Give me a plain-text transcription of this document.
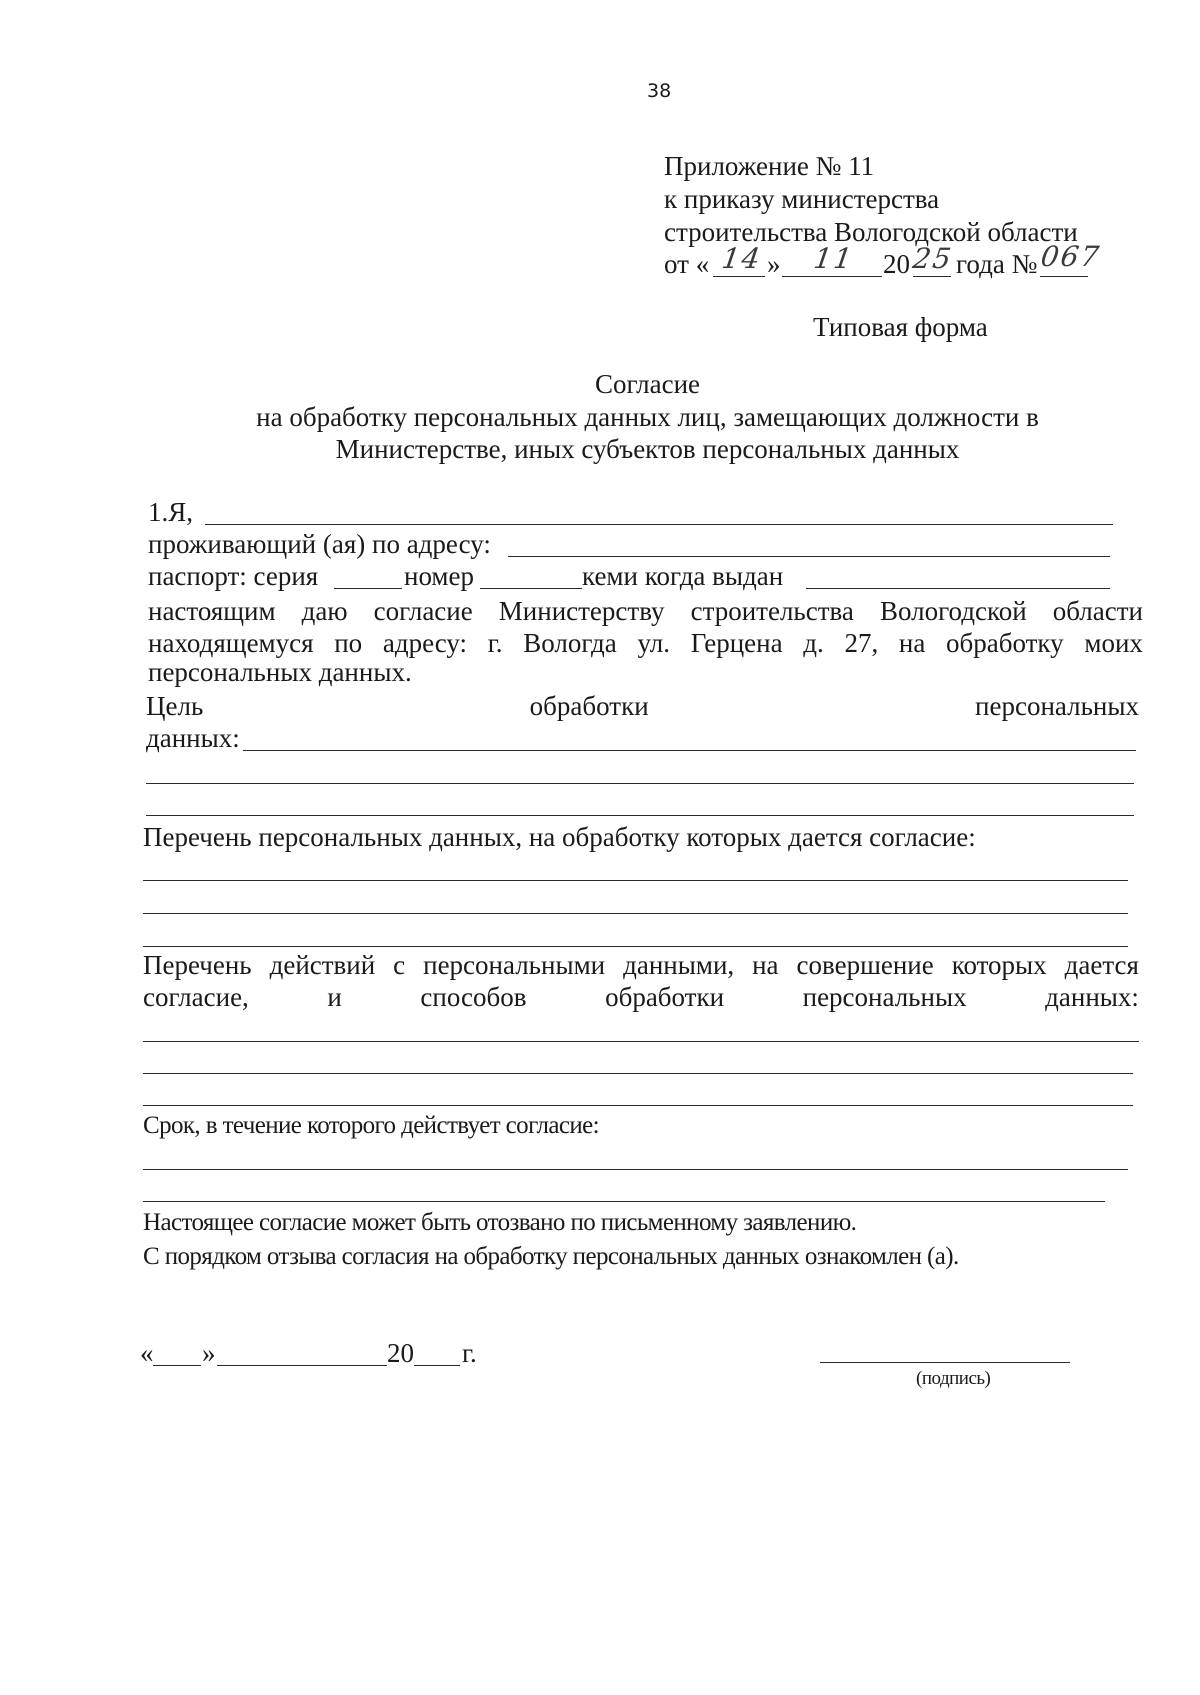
38
Приложение № 11
к приказу министерства
строительства Вологодской области
от « 14 » 11 20 25 года № 067
Типовая форма
Согласие
на обработку персональных данных лиц, замещающих должности в
Министерстве, иных субъектов персональных данных
1.Я,
проживающий (ая) по адресу:
паспорт: серия	номер	кеми когда выдан
настоящим даю согласие Министерству строительства Вологодской области
находящемуся по адресу: г. Вологда ул. Герцена д. 27, на обработку моих
персональных данных.
Цель	обработки	персональных
данных:
Перечень персональных данных, на обработку которых дается согласие:
Перечень действий с персональными данными, на совершение которых дается
согласие,	и	способов	обработки	персональных	данных:
Срок, в течение которого действует согласие:
Настоящее согласие может быть отозвано по письменному заявлению.
С порядком отзыва согласия на обработку персональных данных ознакомлен (а).
« »	20 г.
(подпись)
